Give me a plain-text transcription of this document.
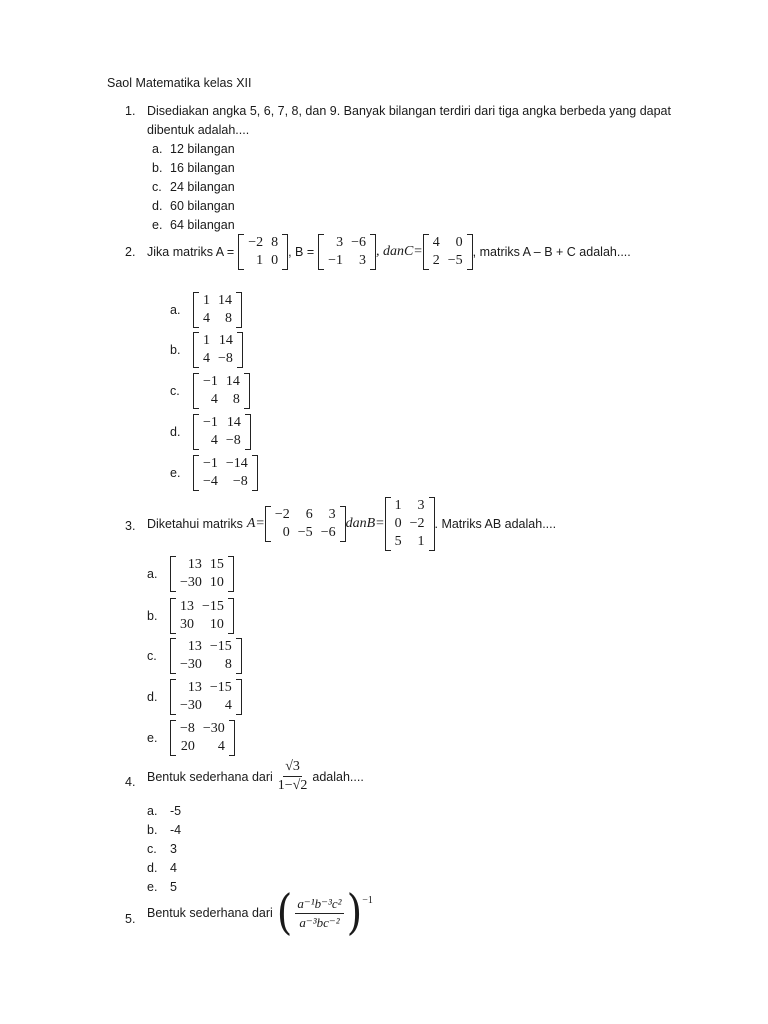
Saol Matematika kelas XII
1. Disediakan angka 5, 6, 7, 8, dan 9. Banyak bilangan terdiri dari tiga angka berbeda yang dapat
dibentuk adalah....
a. 12 bilangan
b. 16 bilangan
c. 24 bilangan
d. 60 bilangan
e. 64 bilangan
2. Jika matriks A =
−2	8
1	0
, B =
3	−6
−1	3
, danC=
4	0
2	−5
, matriks A – B + C adalah....
a.
1	14
4	8
b.
1	14
4	−8
c.
−1	14
4	8
d.
−1	14
4	−8
e.
−1	−14
−4	−8
3. Diketahui matriks A=
−2	6	3
0	−5	−6
danB=
1	3
0	−2
5	1
. Matriks AB adalah....
a.
13	15
−30	10
b.
13	−15
30	10
c.
13	−15
−30	8
d.
13	−15
−30	4
e.
−8	−30
20	4
4. Bentuk sederhana dari $\frac{√3}{1-√2}$ adalah....
a. -5
b. -4
c. 3
d. 4
e. 5
5. Bentuk sederhana dari ( $\frac{\text{a⁻¹b⁻³c²}}{\text{a⁻³bc⁻²}}$ ) −1
